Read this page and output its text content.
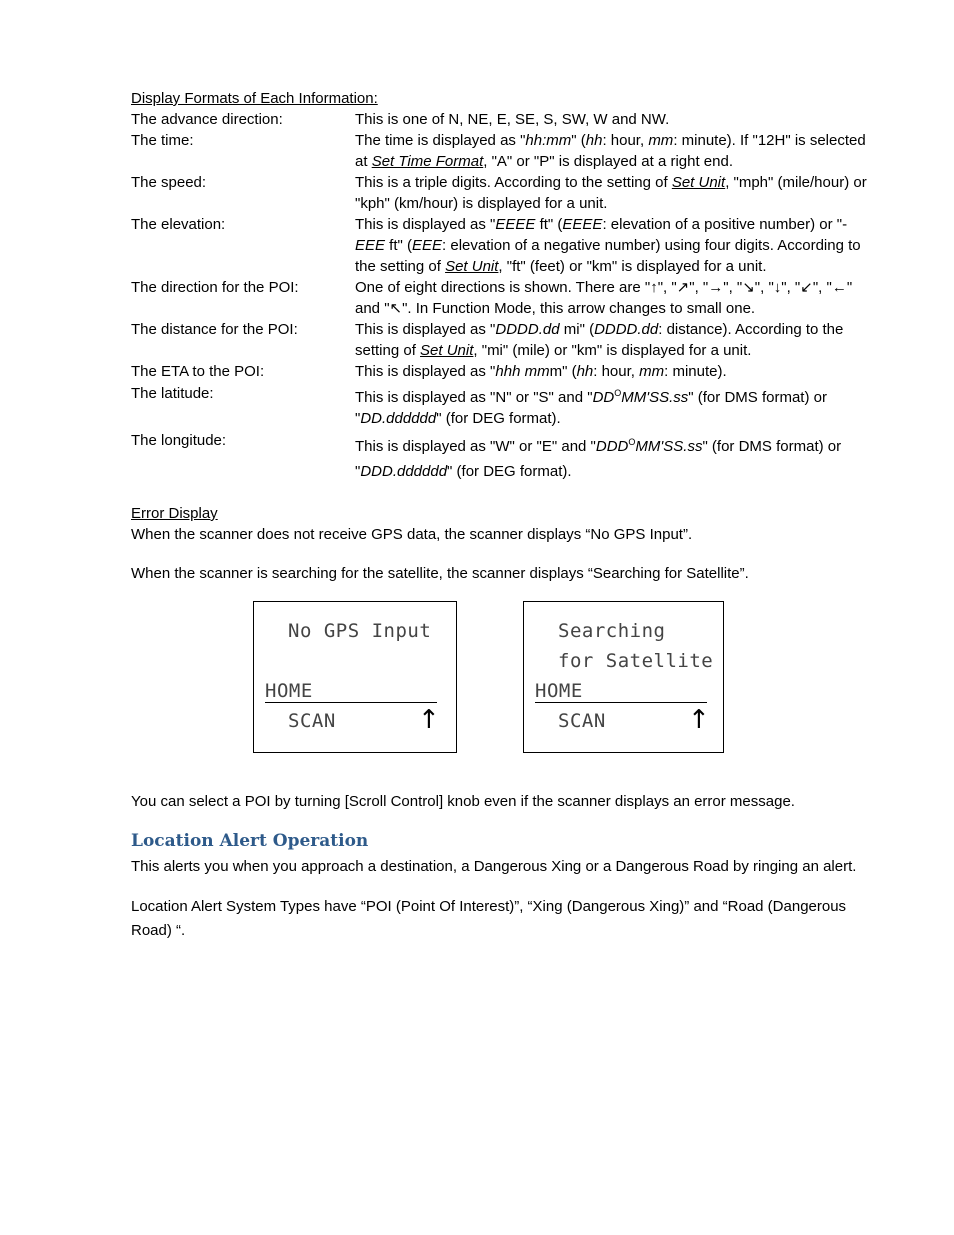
Display Formats of Each Information:

The advance direction:	This is one of N, NE, E, SE, S, SW, W and NW.
The time:	The time is displayed as "hh:mm" (hh: hour, mm: minute). If "12H" is selected at Set Time Format, "A" or "P" is displayed at a right end.
The speed:	This is a triple digits. According to the setting of Set Unit, "mph" (mile/hour) or "kph" (km/hour) is displayed for a unit.
The elevation:	This is displayed as "EEEE ft" (EEEE: elevation of a positive number) or "-EEE ft" (EEE: elevation of a negative number) using four digits. According to the setting of Set Unit, "ft" (feet) or "km" is displayed for a unit.
The direction for the POI:	One of eight directions is shown. There are "↑", "↗", "→", "↘", "↓", "↙", "←" and "↖". In Function Mode, this arrow changes to small one.
The distance for the POI:	This is displayed as "DDDD.dd mi" (DDDD.dd: distance). According to the setting of Set Unit, "mi" (mile) or "km" is displayed for a unit.
The ETA to the POI:	This is displayed as "hhh mmm" (hh: hour, mm: minute).
The latitude:	This is displayed as "N" or "S" and "$DD^OMM'SS.ss$" (for DMS format) or "DD.dddddd" (for DEG format).
The longitude:	This is displayed as "W" or "E" and "$DDD^OMM'SS.ss$" (for DMS format) or "DDD.dddddd" (for DEG format).

Error Display

When the scanner does not receive GPS data, the scanner displays “No GPS Input”.

When the scanner is searching for the satellite, the scanner displays “Searching for Satellite”.

No GPS Input
HOME
SCAN	↑
Searching
for Satellite
HOME
SCAN	↑

You can select a POI by turning [Scroll Control] knob even if the scanner displays an error message.

Location Alert Operation

This alerts you when you approach a destination, a Dangerous Xing or a Dangerous Road by ringing an alert.

Location Alert System Types have “POI (Point Of Interest)”, “Xing (Dangerous Xing)” and “Road (Dangerous Road) “.
